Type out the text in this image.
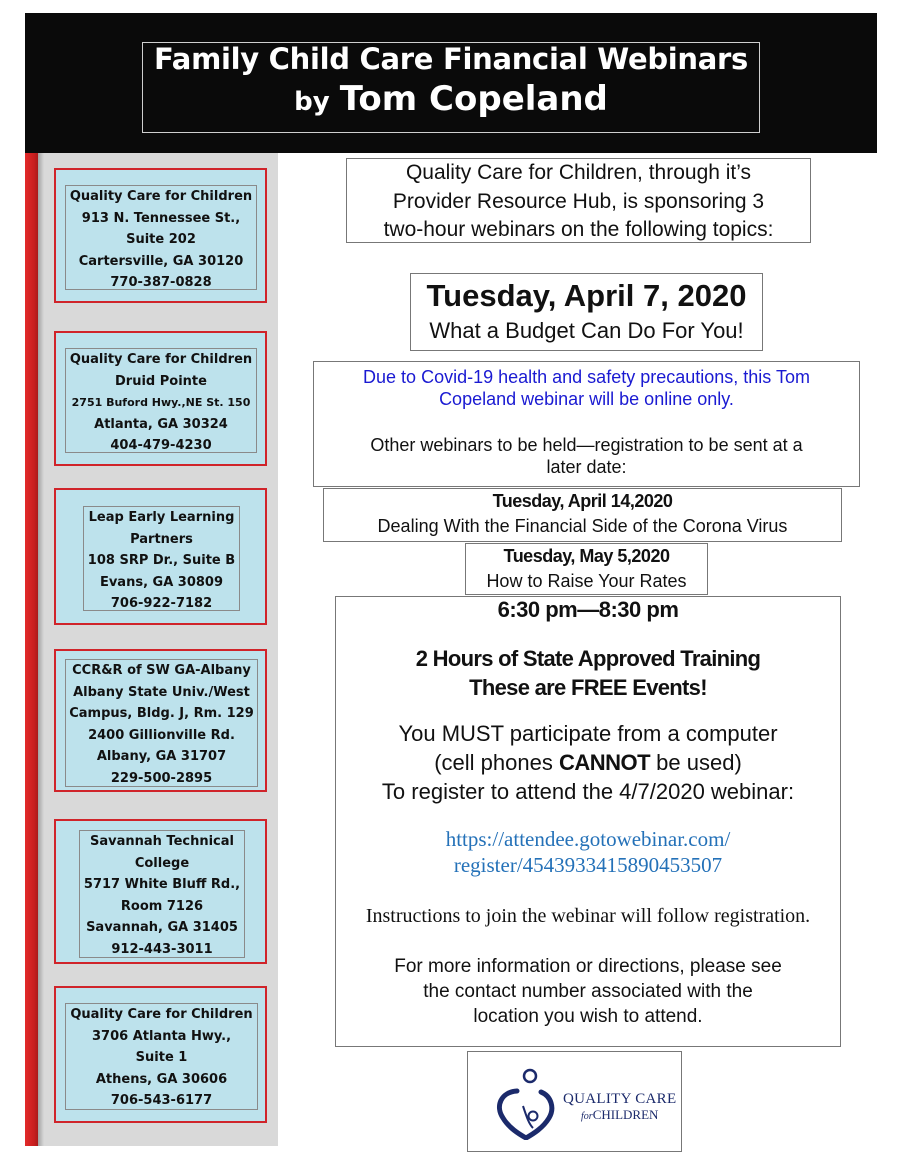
Family Child Care Financial Webinars
by Tom Copeland
Quality Care for Children
913 N. Tennessee St.,
Suite 202
Cartersville, GA 30120
770-387-0828
Quality Care for Children
Druid Pointe
2751 Buford Hwy.,NE St. 150
Atlanta, GA 30324
404-479-4230
Leap Early Learning
Partners
108 SRP Dr., Suite B
Evans, GA 30809
706-922-7182
CCR&R of SW GA-Albany
Albany State Univ./West
Campus, Bldg. J, Rm. 129
2400 Gillionville Rd.
Albany, GA 31707
229-500-2895
Savannah Technical
College
5717 White Bluff Rd.,
Room 7126
Savannah, GA 31405
912-443-3011
Quality Care for Children
3706 Atlanta Hwy.,
Suite 1
Athens, GA 30606
706-543-6177
Quality Care for Children, through it’s
Provider Resource Hub, is sponsoring 3
two-hour webinars on the following topics:
Tuesday, April 7, 2020
What a Budget Can Do For You!
Due to Covid-19 health and safety precautions, this Tom
Copeland webinar will be online only.
Other webinars to be held—registration to be sent at a
later date:
Tuesday, April 14,2020
Dealing With the Financial Side of the Corona Virus
Tuesday, May 5,2020
How to Raise Your Rates
6:30 pm—8:30 pm
2 Hours of State Approved Training
These are FREE Events!
You MUST participate from a computer
(cell phones CANNOT be used)
To register to attend the 4/7/2020 webinar:
https://attendee.gotowebinar.com/
register/4543933415890453507
Instructions to join the webinar will follow registration.
For more information or directions, please see
the contact number associated with the
location you wish to attend.
QUALITY CARE
forCHILDREN
